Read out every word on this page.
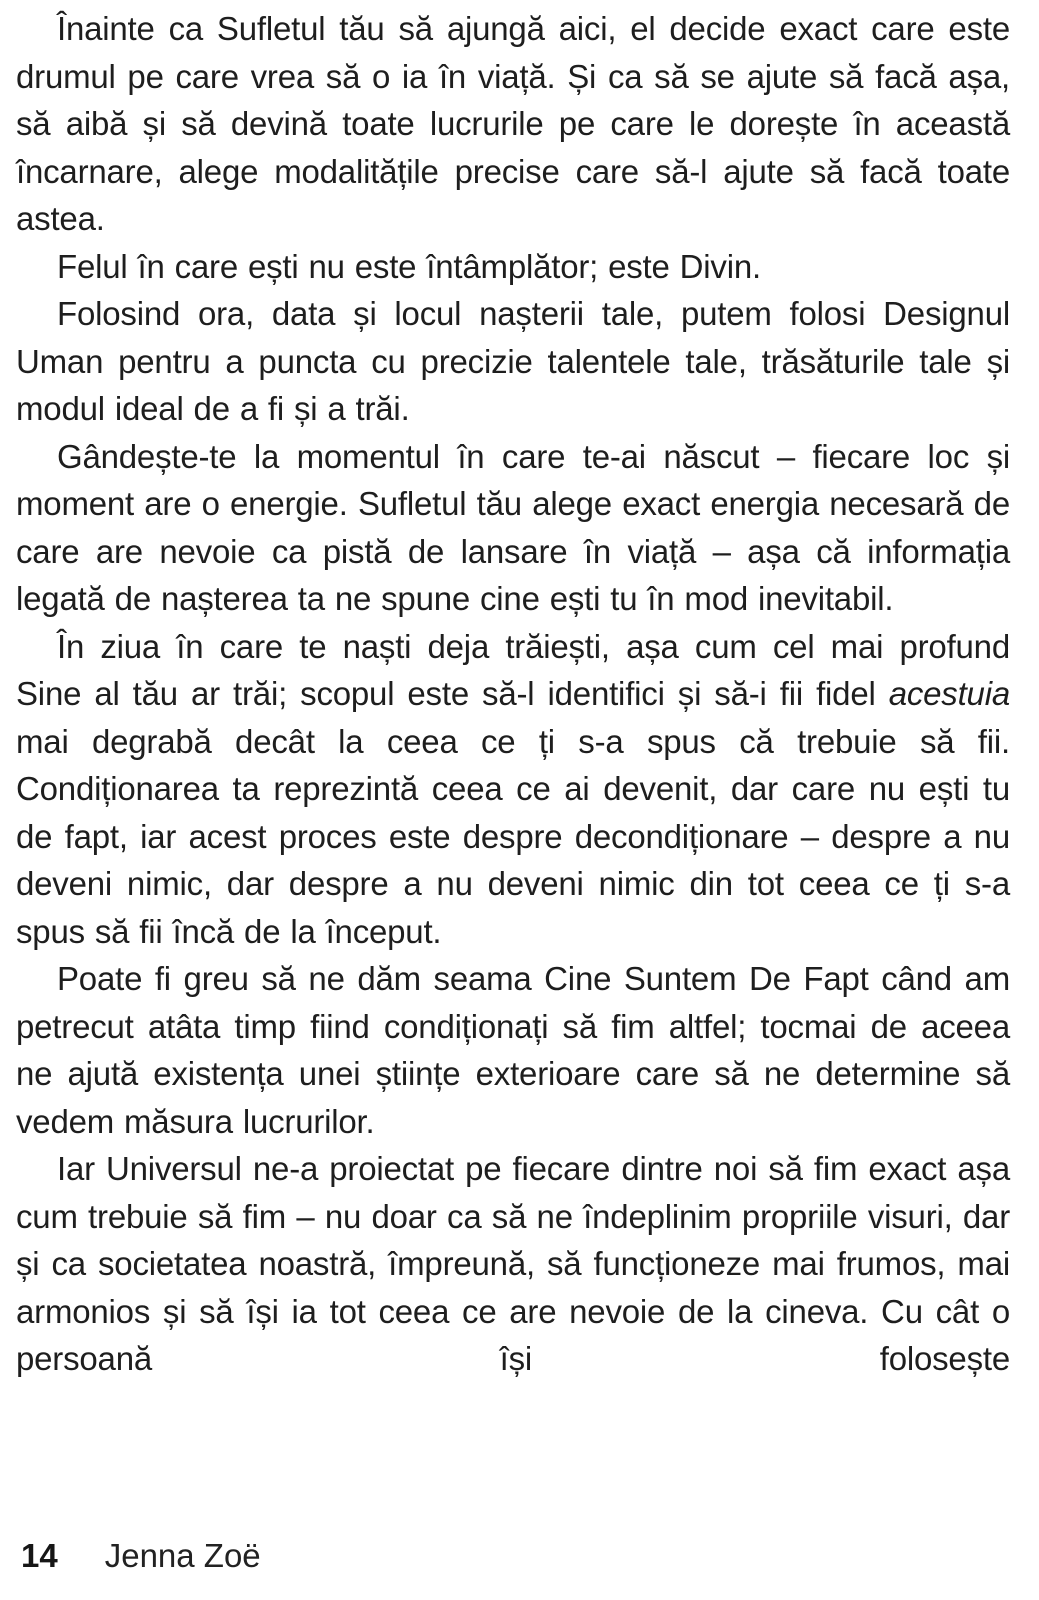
Înainte ca Sufletul tău să ajungă aici, el decide exact care este drumul pe care vrea să o ia în viață. Și ca să se ajute să facă așa, să aibă și să devină toate lucrurile pe care le dorește în această încarnare, alege modalitățile precise care să-l ajute să facă toate astea.

Felul în care ești nu este întâmplător; este Divin.

Folosind ora, data și locul nașterii tale, putem folosi Designul Uman pentru a puncta cu precizie talentele tale, trăsăturile tale și modul ideal de a fi și a trăi.

Gândește-te la momentul în care te-ai născut – fiecare loc și moment are o energie. Sufletul tău alege exact energia necesară de care are nevoie ca pistă de lansare în viață – așa că informația legată de nașterea ta ne spune cine ești tu în mod inevitabil.

În ziua în care te naști deja trăiești, așa cum cel mai profund Sine al tău ar trăi; scopul este să-l identifici și să-i fii fidel acestuia mai degrabă decât la ceea ce ți s-a spus că trebuie să fii. Condiționarea ta reprezintă ceea ce ai devenit, dar care nu ești tu de fapt, iar acest proces este despre decondiționare – despre a nu deveni nimic, dar despre a nu deveni nimic din tot ceea ce ți s-a spus să fii încă de la început.

Poate fi greu să ne dăm seama Cine Suntem De Fapt când am petrecut atâta timp fiind condiționați să fim altfel; tocmai de aceea ne ajută existența unei științe exterioare care să ne determine să vedem măsura lucrurilor.

Iar Universul ne-a proiectat pe fiecare dintre noi să fim exact așa cum trebuie să fim – nu doar ca să ne îndeplinim propriile visuri, dar și ca societatea noastră, împreună, să funcționeze mai frumos, mai armonios și să își ia tot ceea ce are nevoie de la cineva. Cu cât o persoană își folosește

14 Jenna Zoë
